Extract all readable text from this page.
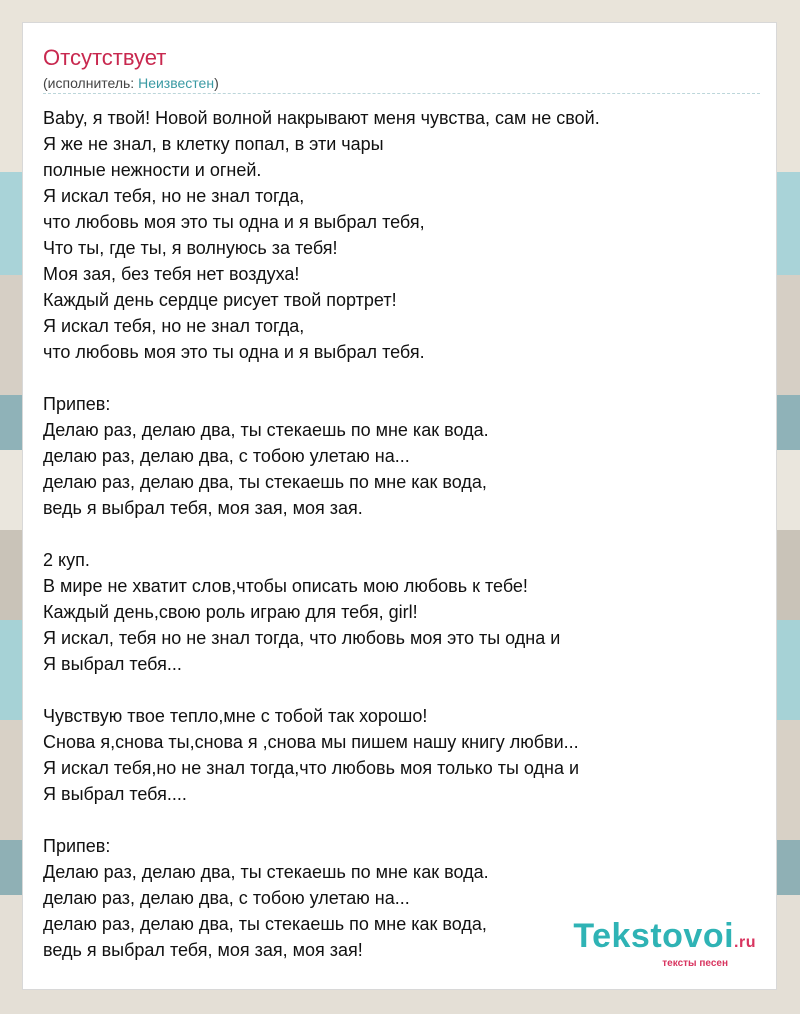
Отсутствует
(исполнитель: Неизвестен)
Baby, я твой! Новой волной накрывают меня чувства, сам не свой.
Я же не знал, в клетку попал, в эти чары
полные нежности и огней.
Я искал тебя, но не знал тогда,
что любовь моя это ты одна и я выбрал тебя,
Что ты, где ты, я волнуюсь за тебя!
Моя зая, без тебя нет воздуха!
Каждый день сердце рисует твой портрет!
Я искал тебя, но не знал тогда,
что любовь моя это ты одна и я выбрал тебя.

Припев:
Делаю раз, делаю два, ты стекаешь по мне как вода.
делаю раз, делаю два, с тобою улетаю на...
делаю раз, делаю два, ты стекаешь по мне как вода,
ведь я выбрал тебя, моя зая, моя зая.

2 куп.
В мире не хватит слов,чтобы описать мою любовь к тебе!
Каждый день,свою роль играю для тебя, girl!
Я искал, тебя но не знал тогда, что любовь моя это ты одна и
Я выбрал тебя...

Чувствую твое тепло,мне с тобой так хорошо!
Снова я,снова ты,снова я ,снова мы пишем нашу книгу любви...
Я искал тебя,но не знал тогда,что любовь моя только ты одна и
Я выбрал тебя....

Припев:
Делаю раз, делаю два, ты стекаешь по мне как вода.
делаю раз, делаю два, с тобою улетаю на...
делаю раз, делаю два, ты стекаешь по мне как вода,
ведь я выбрал тебя, моя зая, моя зая!	Tekstovoi.ru
тексты песен
